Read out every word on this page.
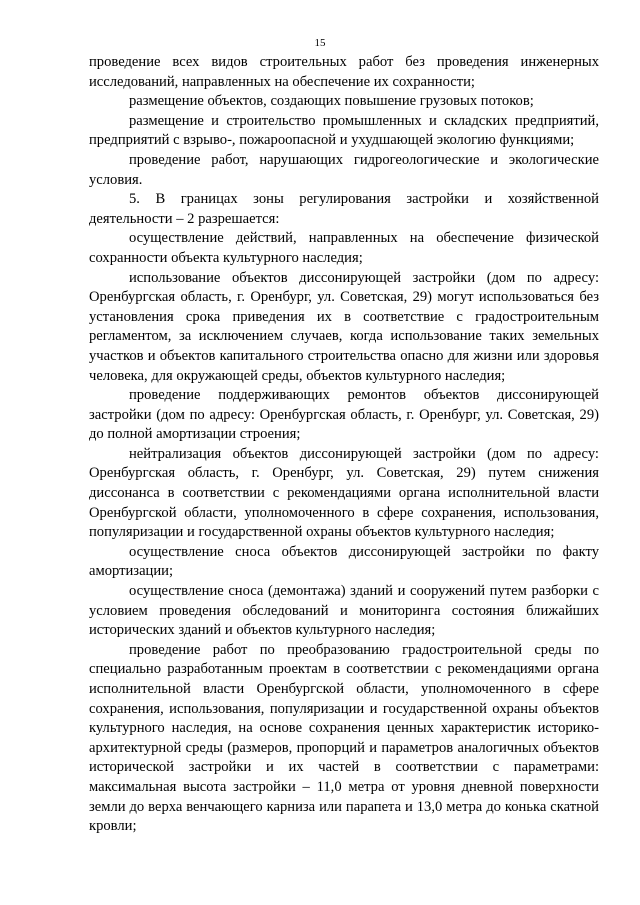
15

проведение всех видов строительных работ без проведения инженерных исследований, направленных на обеспечение их сохранности;

размещение объектов, создающих повышение грузовых потоков;

размещение и строительство промышленных и складских предприятий, предприятий с взрыво-, пожароопасной и ухудшающей экологию функциями;

проведение работ, нарушающих гидрогеологические и экологические условия.

5. В границах зоны регулирования застройки и хозяйственной деятельности – 2 разрешается:

осуществление действий, направленных на обеспечение физической сохранности объекта культурного наследия;

использование объектов диссонирующей застройки (дом по адресу: Оренбургская область, г. Оренбург, ул. Советская, 29) могут использоваться без установления срока приведения их в соответствие с градостроительным регламентом, за исключением случаев, когда использование таких земельных участков и объектов капитального строительства опасно для жизни или здоровья человека, для окружающей среды, объектов культурного наследия;

проведение поддерживающих ремонтов объектов диссонирующей застройки (дом по адресу: Оренбургская область, г. Оренбург, ул. Советская, 29) до полной амортизации строения;

нейтрализация объектов диссонирующей застройки (дом по адресу: Оренбургская область, г. Оренбург, ул. Советская, 29) путем снижения диссонанса в соответствии с рекомендациями органа исполнительной власти Оренбургской области, уполномоченного в сфере сохранения, использования, популяризации и государственной охраны объектов культурного наследия;

осуществление сноса объектов диссонирующей застройки по факту амортизации;

осуществление сноса (демонтажа) зданий и сооружений путем разборки с условием проведения обследований и мониторинга состояния ближайших исторических зданий и объектов культурного наследия;

проведение работ по преобразованию градостроительной среды по специально разработанным проектам в соответствии с рекомендациями органа исполнительной власти Оренбургской области, уполномоченного в сфере сохранения, использования, популяризации и государственной охраны объектов культурного наследия, на основе сохранения ценных характеристик историко-архитектурной среды (размеров, пропорций и параметров аналогичных объектов исторической застройки и их частей в соответствии с параметрами: максимальная высота застройки – 11,0 метра от уровня дневной поверхности земли до верха венчающего карниза или парапета и 13,0 метра до конька скатной кровли;
